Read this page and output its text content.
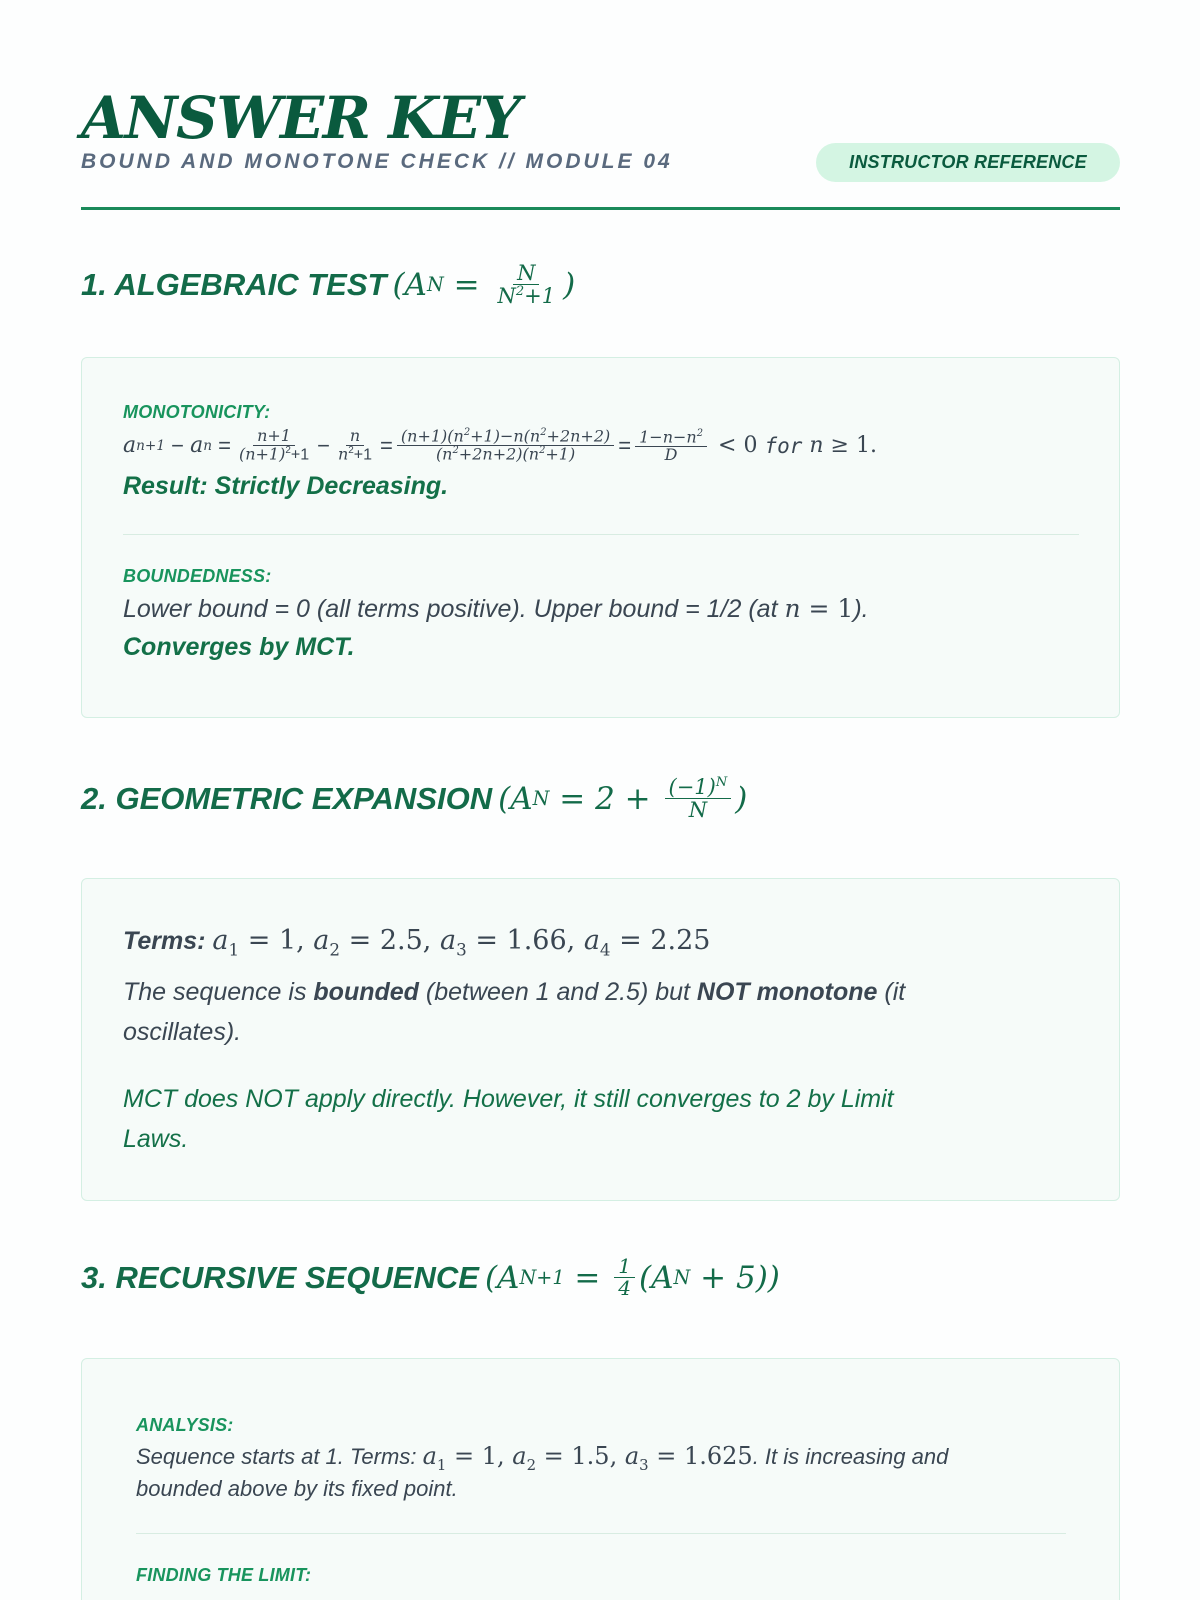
ANSWER KEY
BOUND AND MONOTONE CHECK // MODULE 04	INSTRUCTOR REFERENCE
1. ALGEBRAIC TEST ( A $N = \frac{N}{N^2+1}$ )
MONOTONICITY:
a n+1 − a $n = \frac{n+1}{(n+1)^2+1} - \frac{n}{n^2+1} = \frac{(n+1)(n^2+1)-n(n^2+2n+2)}{(n^2+2n+2)(n^2+1)} = \frac{1-n-n^2}{D} < 0$ for n ≥ 1.
Result: Strictly Decreasing.
BOUNDEDNESS:
Lower bound = 0 (all terms positive). Upper bound = 1/2 (at n = 1).
Converges by MCT.
2. GEOMETRIC EXPANSION ( A $N = 2 + \frac{(-1)^N}{N}$ )
Terms: $a_1 = 1$, $a_2 = 2.5$, $a_3 = 1.66$, $a_4 = 2.25$
The sequence is bounded (between 1 and 2.5) but NOT monotone (it
oscillates).
MCT does NOT apply directly. However, it still converges to 2 by Limit
Laws.
3. RECURSIVE SEQUENCE ( A $N+1 = \frac{1}{4}$ ( A N + 5))
ANALYSIS:
Sequence starts at 1. Terms: $a_1 = 1$, $a_2 = 1.5$, $a_3 = 1.625$. It is increasing and
bounded above by its fixed point.
FINDING THE LIMIT:
